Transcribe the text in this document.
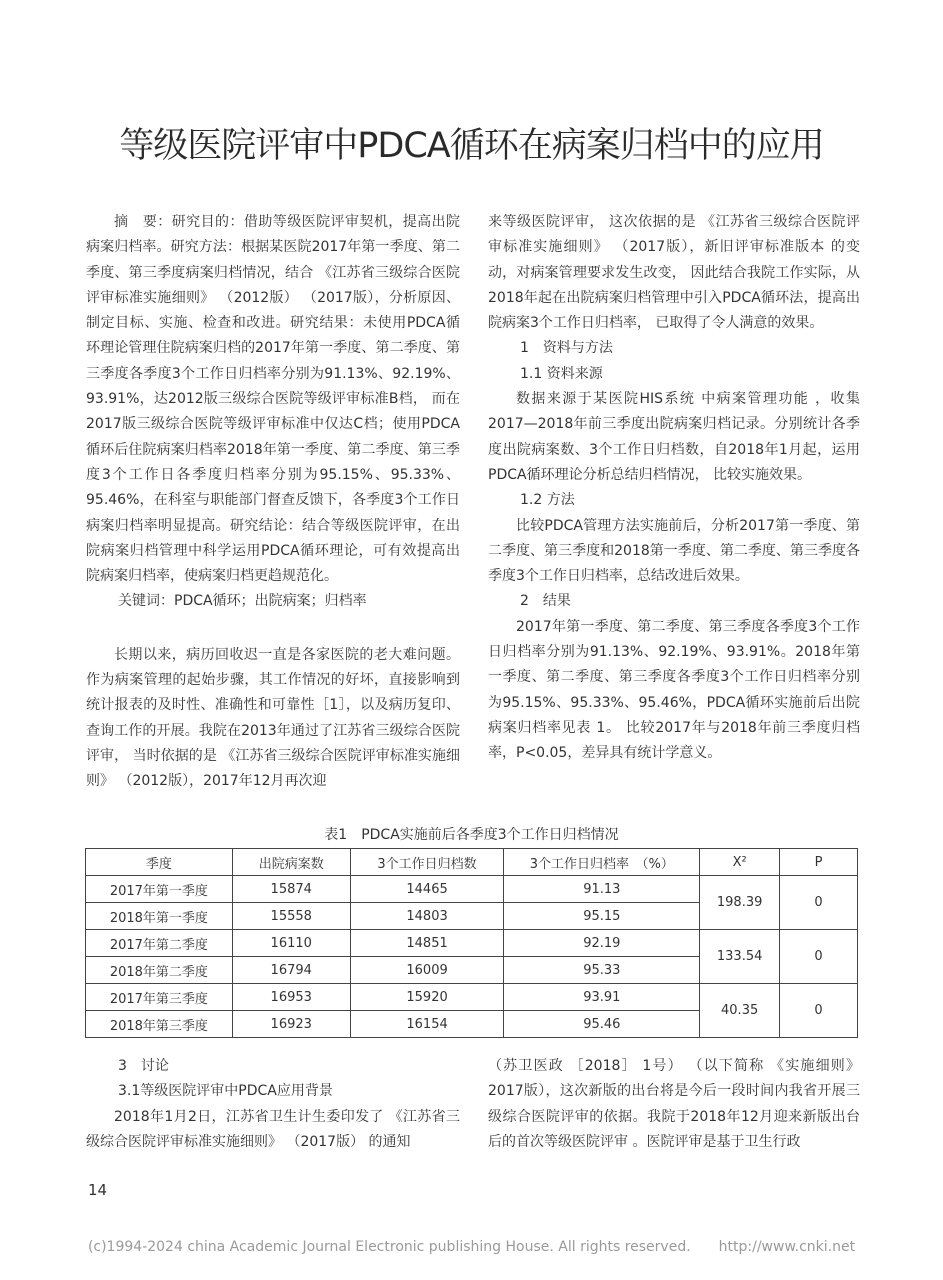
等级医院评审中PDCA循环在病案归档中的应用

摘　要：研究目的：借助等级医院评审契机，提高出院病案归档率。研究方法：根据某医院2017年第一季度、第二季度、第三季度病案归档情况，结合 《江苏省三级综合医院评审标准实施细则》 （2012版） （2017版），分析原因、制定目标、实施、检查和改进。研究结果：未使用PDCA循环理论管理住院病案归档的2017年第一季度、第二季度、第三季度各季度3个工作日归档率分别为91.13%、92.19%、93.91%，达2012版三级综合医院等级评审标准B档， 而在2017版三级综合医院等级评审标准中仅达C档；使用PDCA循环后住院病案归档率2018年第一季度、第二季度、第三季度3个工作日各季度归档率分别为95.15%、95.33%、95.46%，在科室与职能部门督查反馈下，各季度3个工作日病案归档率明显提高。研究结论：结合等级医院评审，在出院病案归档管理中科学运用PDCA循环理论，可有效提高出院病案归档率，使病案归档更趋规范化。

关键词：PDCA循环；出院病案；归档率

长期以来，病历回收迟一直是各家医院的老大难问题。作为病案管理的起始步骤，其工作情况的好坏，直接影响到统计报表的及时性、准确性和可靠性［1］，以及病历复印、查询工作的开展。我院在2013年通过了江苏省三级综合医院评审， 当时依据的是 《江苏省三级综合医院评审标准实施细则》 （2012版），2017年12月再次迎

来等级医院评审， 这次依据的是 《江苏省三级综合医院评审标准实施细则》 （2017版），新旧评审标准版本 的变动，对病案管理要求发生改变， 因此结合我院工作实际，从2018年起在出院病案归档管理中引入PDCA循环法，提高出院病案3个工作日归档率， 已取得了令人满意的效果。

1　资料与方法

1.1 资料来源

数据来源于某医院HIS系统 中病案管理功能 ，收集2017—2018年前三季度出院病案归档记录。分别统计各季度出院病案数、3个工作日归档数，自2018年1月起，运用PDCA循环理论分析总结归档情况， 比较实施效果。

1.2 方法

比较PDCA管理方法实施前后，分析2017第一季度、第二季度、第三季度和2018第一季度、第二季度、第三季度各季度3个工作日归档率，总结改进后效果。

2　结果

2017年第一季度、第二季度、第三季度各季度3个工作日归档率分别为91.13%、92.19%、93.91%。2018年第一季度、第二季度、第三季度各季度3个工作日归档率分别为95.15%、95.33%、95.46%，PDCA循环实施前后出院病案归档率见表 1。 比较2017年与2018年前三季度归档率，P<0.05，差异具有统计学意义。

表1　PDCA实施前后各季度3个工作日归档情况
季度	出院病案数	3个工作日归档数	3个工作日归档率　（%）	X²	P
2017年第一季度	15874	14465	91.13	198.39	0
2018年第一季度	15558	14803	95.15		
2017年第二季度	16110	14851	92.19	133.54	0
2018年第二季度	16794	16009	95.33		
2017年第三季度	16953	15920	93.91	40.35	0
2018年第三季度	16923	16154	95.46		

3　讨论

3.1等级医院评审中PDCA应用背景

2018年1月2日，江苏省卫生计生委印发了 《江苏省三级综合医院评审标准实施细则》 （2017版） 的通知

（苏卫医政 ［2018］ 1号） （以下简称 《实施细则》 2017版），这次新版的出台将是今后一段时间内我省开展三级综合医院评审的依据。我院于2018年12月迎来新版出台后的首次等级医院评审 。医院评审是基于卫生行政

14
(c)1994-2024 china Academic Journal Electronic publishing House. All rights reserved.　　http://www.cnki.net
